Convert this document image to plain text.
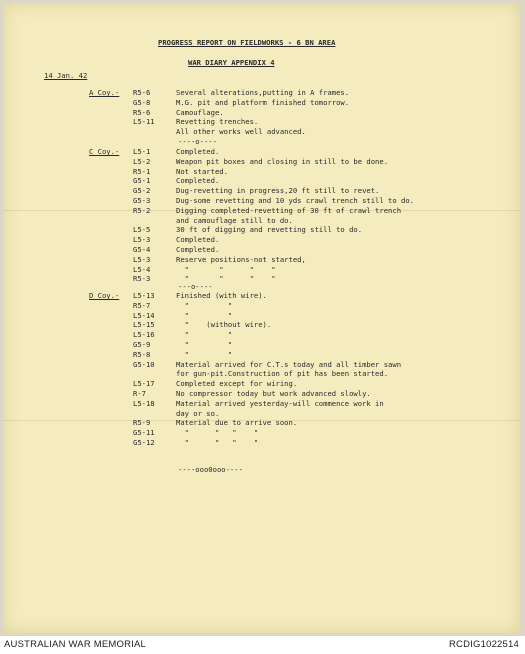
PROGRESS REPORT ON FIELDWORKS - 6 BN AREA
WAR DIARY APPENDIX 4
14 Jan. 42
A Coy.- R5-6	Several alterations,putting in A frames.
G5-8	M.G. pit and platform finished tomorrow.
R5-6	Camouflage.
L5-11	Revetting trenches.
All other works well advanced.
----o----
C Coy.- L5-1	Completed.
L5-2	Weapon pit boxes and closing in still to be done.
R5-1	Not started.
G5-1	Completed.
G5-2	Dug-revetting in progress,20 ft still to revet.
G5-3	Dug-some revetting and 10 yds crawl trench still to do.
R5-2	Digging completed-revetting of 30 ft of crawl trench
and camouflage still to do.
L5-5	30 ft of digging and revetting still to do.
L5-3	Completed.
G5-4	Completed.
L5-3	Reserve positions-not started,
L5-4	"       "      "    "
R5-3	"       "      "    "
---o----
D Coy.- L5-13	Finished (with wire).
R5-7	"         "
L5-14	"         "
L5-15	"    (without wire).
L5-16	"         "
G5-9	"         "
R5-8	"         "
G5-10	Material arrived for C.T.s today and all timber sawn
for gun-pit.Construction of pit has been started.
L5-17	Completed except for wiring.
R-7	No compressor today but work advanced slowly.
L5-18	Material arrived yesterday-will commence work in
day or so.
R5-9	Material due to arrive soon.
G5-11	"      "   "    "
G5-12	"      "   "    "
----ooo0ooo----
AUSTRALIAN WAR MEMORIAL	RCDIG1022514
